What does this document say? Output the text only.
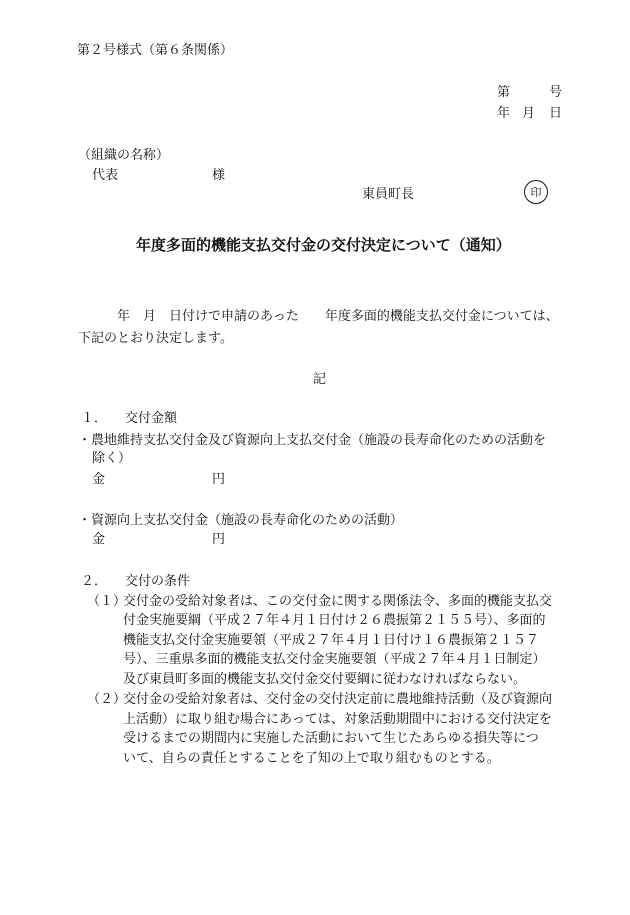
第２号様式（第６条関係）
第	号
年 月 日
（組織の名称）
代表	様
東員町長	印
年度多面的機能支払交付金の交付決定について（通知）
年　月　日付けで申請のあった　　年度多面的機能支払交付金については、
下記のとおり決定します。
記
１． 交付金額
・農地維持支払交付金及び資源向上支払交付金（施設の長寿命化のための活動を
除く）
金	円
・資源向上支払交付金（施設の長寿命化のための活動）
金	円
２． 交付の条件
（１）
交付金の受給対象者は、この交付金に関する関係法令、多面的機能支払交
付金実施要綱（平成２７年４月１日付け２６農振第２１５５号）、多面的
機能支払交付金実施要領（平成２７年４月１日付け１６農振第２１５７
号）、三重県多面的機能支払交付金実施要領（平成２７年４月１日制定）
及び東員町多面的機能支払交付金交付要綱に従わなければならない。
（２）
交付金の受給対象者は、交付金の交付決定前に農地維持活動（及び資源向
上活動）に取り組む場合にあっては、対象活動期間中における交付決定を
受けるまでの期間内に実施した活動において生じたあらゆる損失等につ
いて、自らの責任とすることを了知の上で取り組むものとする。
